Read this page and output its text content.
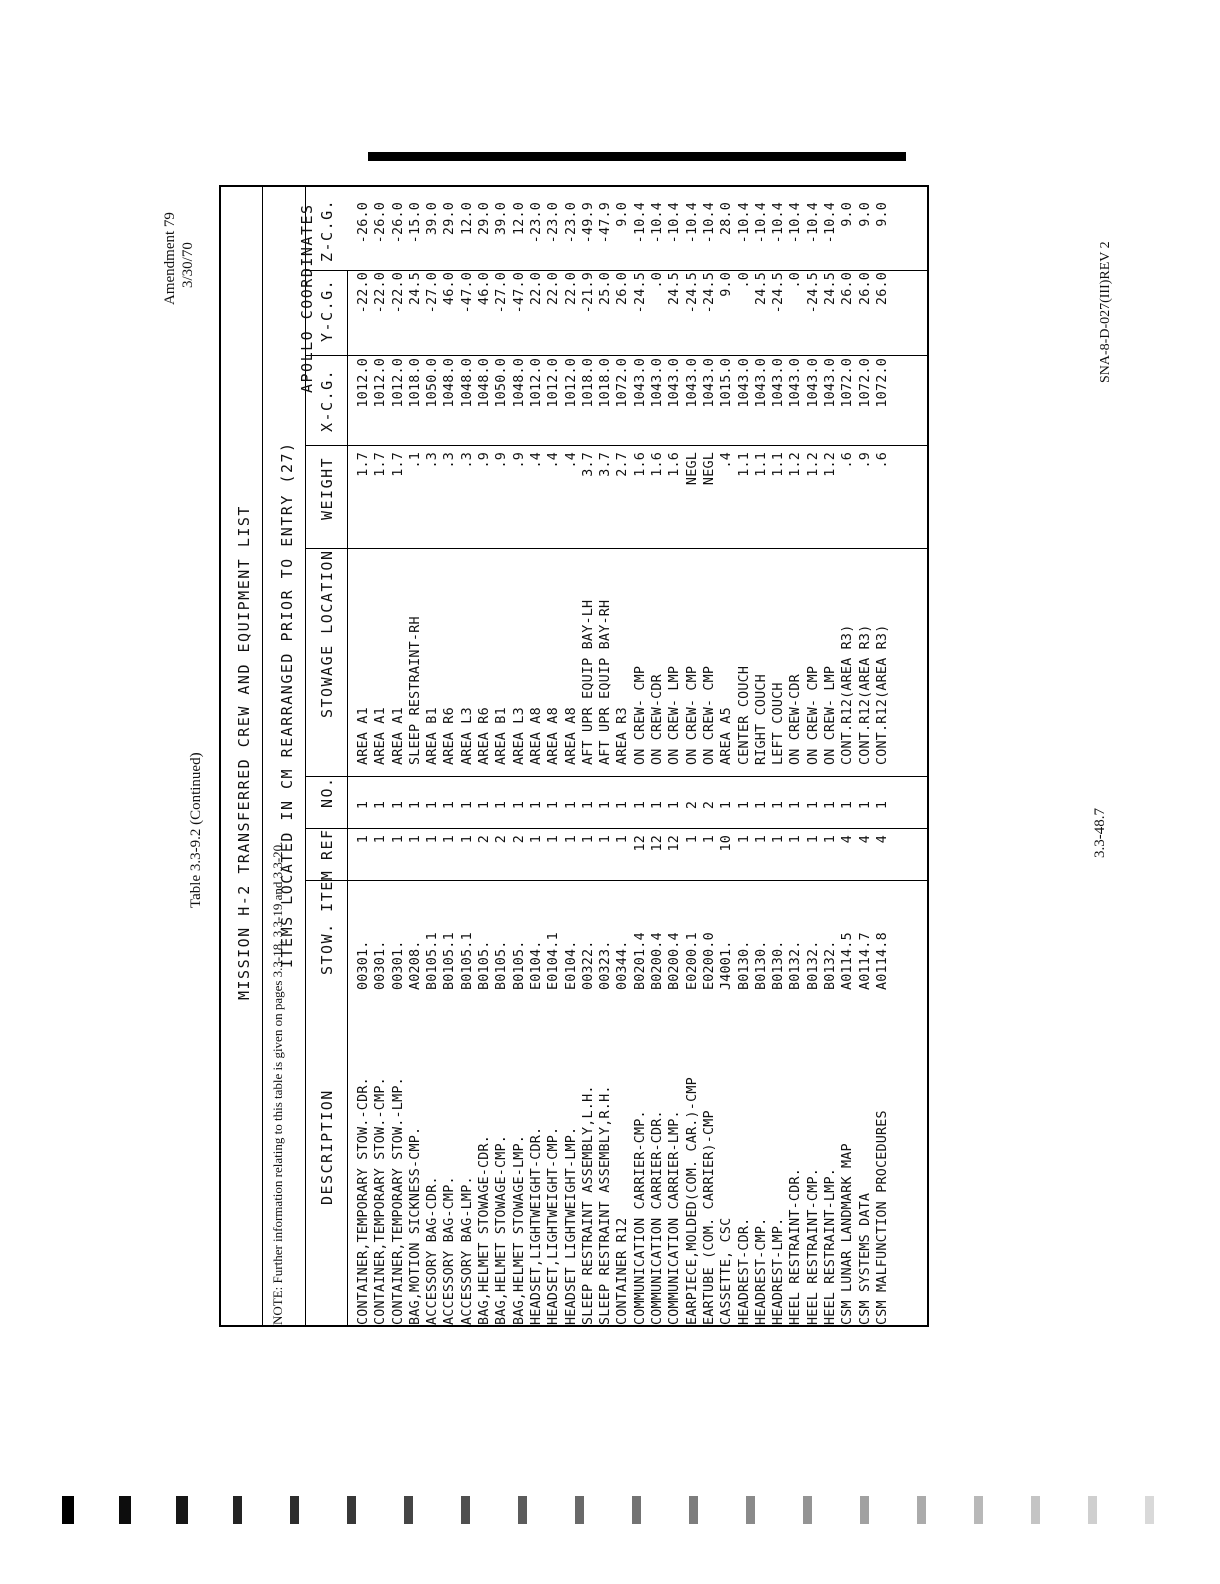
Amendment 79 3/30/70
Table 3.3-9.2 (Continued) MISSION H-2 TRANSFERRED CREW AND EQUIPMENT LIST ITEMS LOCATED IN CM REARRANGED PRIOR TO ENTRY (27)
APOLLO COORDINATES
DESCRIPTION
STOW. ITEM
REF
NO.
STOWAGE LOCATION
WEIGHT
X-C.G.
Y-C.G.
Z-C.G.
CONTAINER,TEMPORARY STOW.-CDR. CONTAINER,TEMPORARY STOW.-CMP. CONTAINER,TEMPORARY STOW.-LMP. BAG,MOTION SICKNESS-CMP. ACCESSORY BAG-CDR. ACCESSORY BAG-CMP. ACCESSORY BAG-LMP. BAG,HELMET STOWAGE-CDR. BAG,HELMET STOWAGE-CMP. BAG,HELMET STOWAGE-LMP. HEADSET,LIGHTWEIGHT-CDR. HEADSET,LIGHTWEIGHT-CMP. HEADSET LIGHTWEIGHT-LMP. SLEEP RESTRAINT ASSEMBLY,L.H. SLEEP RESTRAINT ASSEMBLY,R.H. CONTAINER R12 COMMUNICATION CARRIER-CMP. COMMUNICATION CARRIER-CDR. COMMUNICATION CARRIER-LMP. EARPIECE,MOLDED(COM. CAR.)-CMP EARTUBE (COM. CARRIER)-CMP CASSETTE, CSC HEADREST-CDR. HEADREST-CMP. HEADREST-LMP. HEEL RESTRAINT-CDR. HEEL RESTRAINT-CMP. HEEL RESTRAINT-LMP. CSM LUNAR LANDMARK MAP CSM SYSTEMS DATA CSM MALFUNCTION PROCEDURES
00301. 00301. 00301. A0208. B0105.1 B0105.1 B0105.1 B0105. B0105. B0105. E0104. E0104.1 E0104. 00322. 00323. 00344. B0201.4 B0200.4 B0200.4 E0200.1 E0200.0 J4001. B0130. B0130. B0130. B0132. B0132. B0132. A0114.5 A0114.7 A0114.8
1 1 1 1 1 1 1 2 2 2 1 1 1 1 1 1 12 12 12 1 1 10 1 1 1 1 1 1 4 4 4
1 1 1 1 1 1 1 1 1 1 1 1 1 1 1 1 1 1 1 2 2 1 1 1 1 1 1 1 1 1 1
AREA A1 AREA A1 AREA A1 SLEEP RESTRAINT-RH AREA B1 AREA R6 AREA L3 AREA R6 AREA B1 AREA L3 AREA A8 AREA A8 AREA A8 AFT UPR EQUIP BAY-LH AFT UPR EQUIP BAY-RH AREA R3 ON CREW- CMP ON CREW-CDR ON CREW- LMP ON CREW- CMP ON CREW- CMP AREA A5 CENTER COUCH RIGHT COUCH LEFT COUCH ON CREW-CDR ON CREW- CMP ON CREW- LMP CONT.R12(AREA R3) CONT.R12(AREA R3) CONT.R12(AREA R3)
1.7 1.7 1.7 .1 .3 .3 .3 .9 .9 .9 .4 .4 .4 3.7 3.7 2.7 1.6 1.6 1.6 NEGL NEGL .4 1.1 1.1 1.1 1.2 1.2 1.2 .6 .9 .6
1012.0 1012.0 1012.0 1018.0 1050.0 1048.0 1048.0 1048.0 1050.0 1048.0 1012.0 1012.0 1012.0 1018.0 1018.0 1072.0 1043.0 1043.0 1043.0 1043.0 1043.0 1015.0 1043.0 1043.0 1043.0 1043.0 1043.0 1043.0 1072.0 1072.0 1072.0
-22.0 -22.0 -22.0 24.5 -27.0 46.0 -47.0 46.0 -27.0 -47.0 22.0 22.0 22.0 -21.9 25.0 26.0 -24.5 .0 24.5 -24.5 -24.5 9.0 .0 24.5 -24.5 .0 -24.5 24.5 26.0 26.0 26.0
-26.0 -26.0 -26.0 -15.0 39.0 29.0 12.0 29.0 39.0 12.0 -23.0 -23.0 -23.0 -49.9 -47.9 9.0 -10.4 -10.4 -10.4 -10.4 -10.4 28.0 -10.4 -10.4 -10.4 -10.4 -10.4 -10.4 9.0 9.0 9.0
NOTE: Further information relating to this table is given on pages 3.3-18, 3.3-19 and 3.3-20.
3.3-48.7
SNA-8-D-027(III)REV 2
